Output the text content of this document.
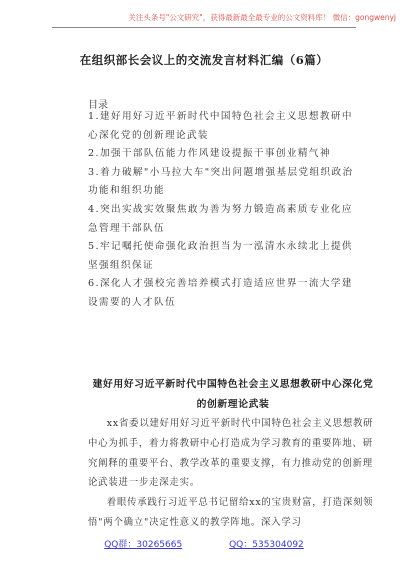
关注头条号"公文研究"，获得最新最全最专业的公文资料库！ 微信：gongwenyj
在组织部长会议上的交流发言材料汇编（6篇）
目录
1.建好用好习近平新时代中国特色社会主义思想教研中心深化党的创新理论武装
2.加强干部队伍能力作风建设提振干事创业精气神
3.着力破解"小马拉大车"突出问题增强基层党组织政治功能和组织功能
4.突出实战实效聚焦敢为善为努力锻造高素质专业化应急管理干部队伍
5.牢记嘱托使命强化政治担当为一泓清水永续北上提供坚强组织保证
6.深化人才强校完善培养模式打造适应世界一流大学建设需要的人才队伍
建好用好习近平新时代中国特色社会主义思想教研中心深化党的创新理论武装

xx省委以建好用好习近平新时代中国特色社会主义思想教研中心为抓手，着力将教研中心打造成为学习教育的重要阵地、研究阐释的重要平台、教学改革的重要支撑，有力推动党的创新理论武装进一步走深走实。

着眼传承践行习近平总书记留给xx的宝贵财富，打造深刻领悟"两个确立"决定性意义的教学阵地。深入学习

QQ群：30265665	QQ：535304092
